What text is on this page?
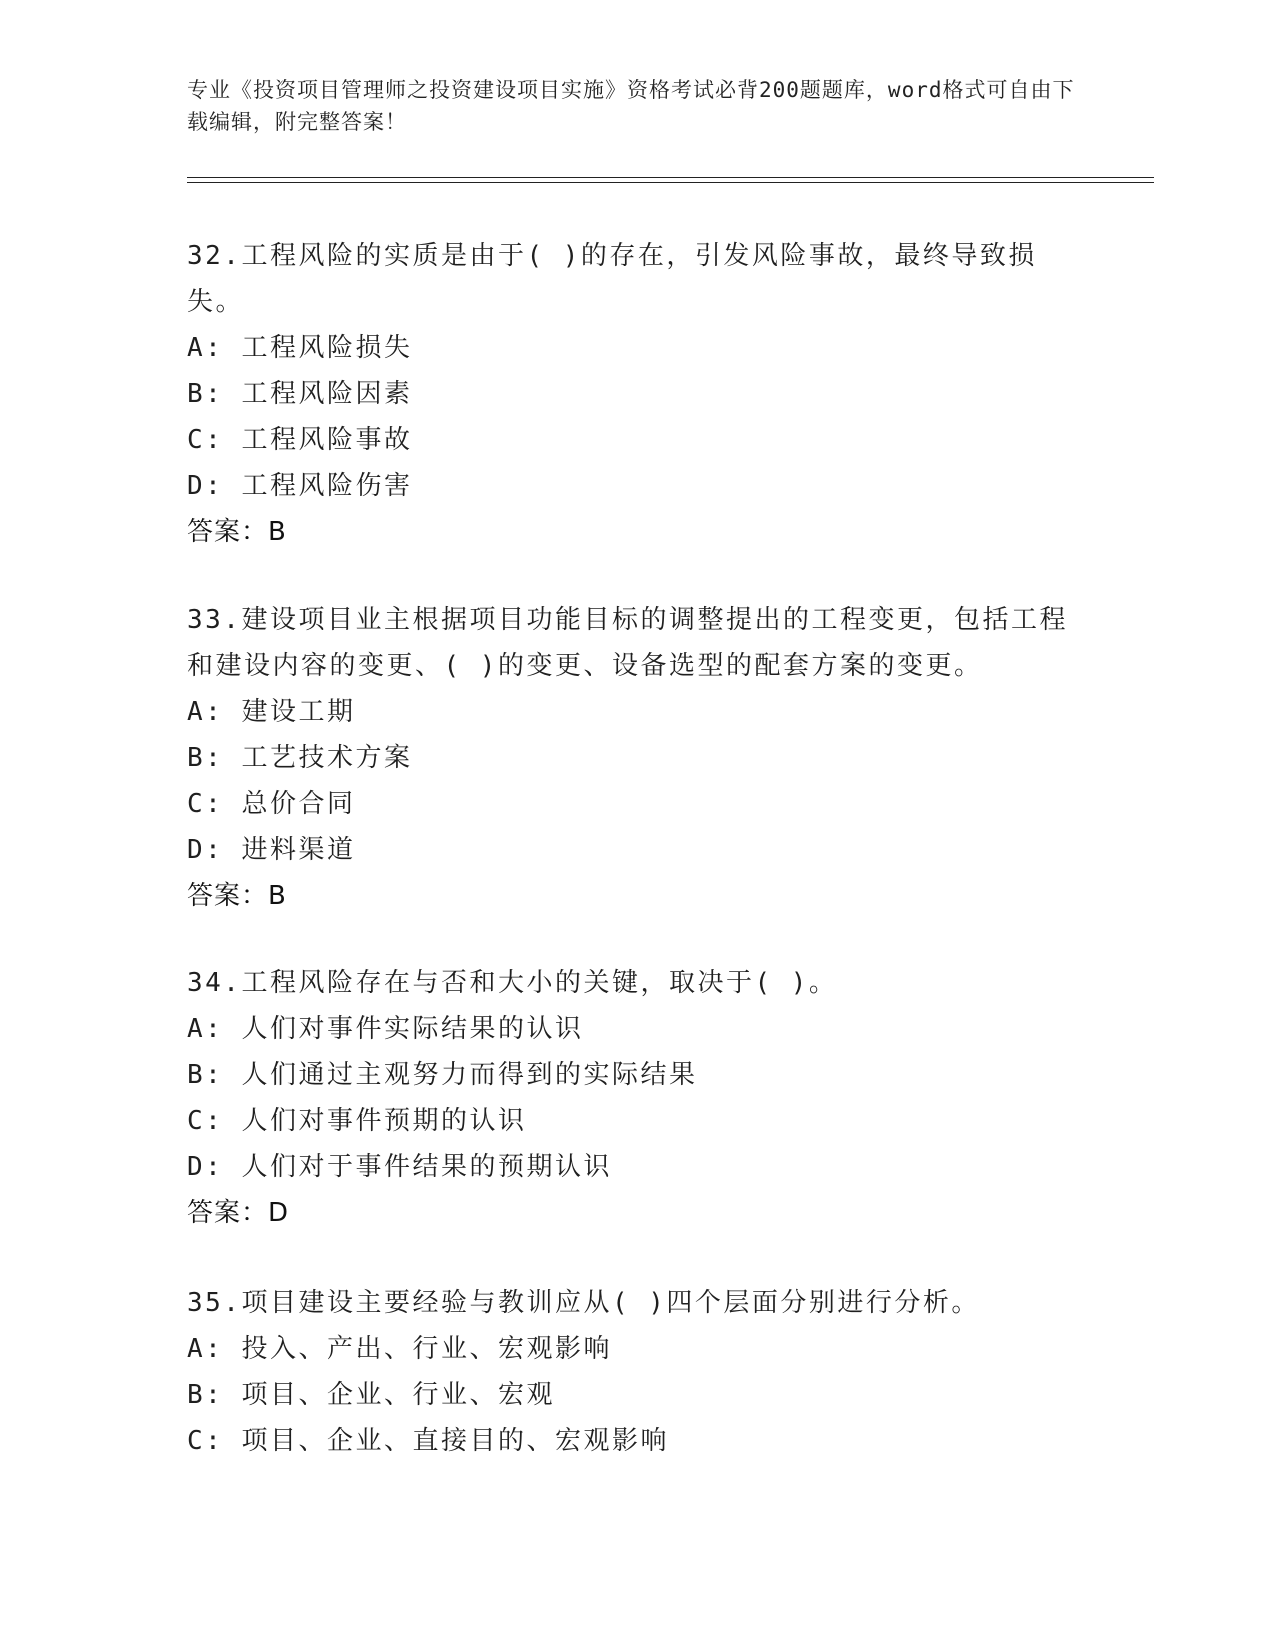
专业《投资项目管理师之投资建设项目实施》资格考试必背200题题库，word格式可自由下载编辑，附完整答案！

32.工程风险的实质是由于( )的存在，引发风险事故，最终导致损失。

A: 工程风险损失

B: 工程风险因素

C: 工程风险事故

D: 工程风险伤害

答案：B

33.建设项目业主根据项目功能目标的调整提出的工程变更，包括工程和建设内容的变更、( )的变更、设备选型的配套方案的变更。

A: 建设工期

B: 工艺技术方案

C: 总价合同

D: 进料渠道

答案：B

34.工程风险存在与否和大小的关键，取决于( )。

A: 人们对事件实际结果的认识

B: 人们通过主观努力而得到的实际结果

C: 人们对事件预期的认识

D: 人们对于事件结果的预期认识

答案：D

35.项目建设主要经验与教训应从( )四个层面分别进行分析。

A: 投入、产出、行业、宏观影响

B: 项目、企业、行业、宏观

C: 项目、企业、直接目的、宏观影响
